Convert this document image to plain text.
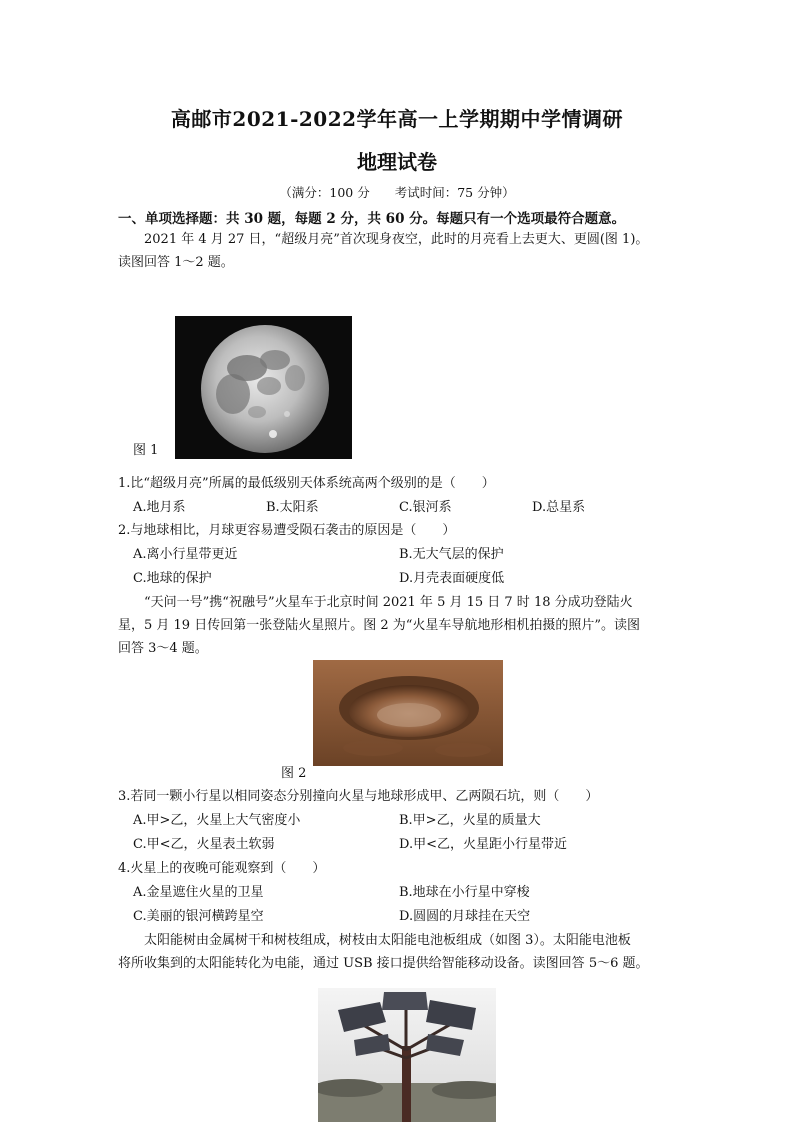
高邮市2021-2022学年高一上学期期中学情调研
地理试卷
（满分：100 分　　考试时间：75 分钟）
一、单项选择题：共 30 题，每题 2 分，共 60 分。每题只有一个选项最符合题意。
2021 年 4 月 27 日，“超级月亮”首次现身夜空，此时的月亮看上去更大、更圆(图 1)。
读图回答 1～2 题。
图 1
1.比“超级月亮”所属的最低级别天体系统高两个级别的是（　　）
A.地月系	B.太阳系	C.银河系	D.总星系
2.与地球相比，月球更容易遭受陨石袭击的原因是（　　）
A.离小行星带更近	B.无大气层的保护
C.地球的保护	D.月壳表面硬度低
“天问一号”携“祝融号”火星车于北京时间 2021 年 5 月 15 日 7 时 18 分成功登陆火
星，5 月 19 日传回第一张登陆火星照片。图 2 为“火星车导航地形相机拍摄的照片”。读图
回答 3～4 题。
图 2
3.若同一颗小行星以相同姿态分别撞向火星与地球形成甲、乙两陨石坑，则（　　）
A.甲>乙，火星上大气密度小	B.甲>乙，火星的质量大
C.甲<乙，火星表土软弱	D.甲<乙，火星距小行星带近
4.火星上的夜晚可能观察到（　　）
A.金星遮住火星的卫星	B.地球在小行星中穿梭
C.美丽的银河横跨星空	D.圆圆的月球挂在天空
太阳能树由金属树干和树枝组成，树枝由太阳能电池板组成（如图 3）。太阳能电池板
将所收集到的太阳能转化为电能，通过 USB 接口提供给智能移动设备。读图回答 5～6 题。
